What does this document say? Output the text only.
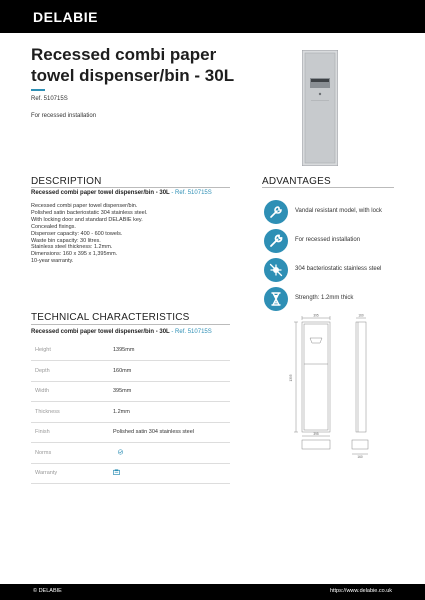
DELABIE
Recessed combi paper towel dispenser/bin - 30L
Ref. 510715S
For recessed installation
DESCRIPTION
Recessed combi paper towel dispenser/bin - 30L - Ref. 510715S
Recessed combi paper towel dispenser/bin.
Polished satin bacteriostatic 304 stainless steel.
With locking door and standard DELABIE key.
Concealed fixings.
Dispenser capacity: 400 - 600 towels.
Waste bin capacity: 30 litres.
Stainless steel thickness: 1.2mm.
Dimensions: 160 x 395 x 1,395mm.
10-year warranty.
ADVANTAGES
Vandal resistant model, with lock
For recessed installation
304 bacteriostatic stainless steel
Strength: 1.2mm thick
TECHNICAL CHARACTERISTICS
Recessed combi paper towel dispenser/bin - 30L - Ref. 510715S
Height	1395mm
Depth	160mm
Width	395mm
Thickness	1.2mm
Finish	Polished satin 304 stainless steel
Norms	
Warranty	
395	160
1395
395
160
© DELABIE	https://www.delabie.co.uk
